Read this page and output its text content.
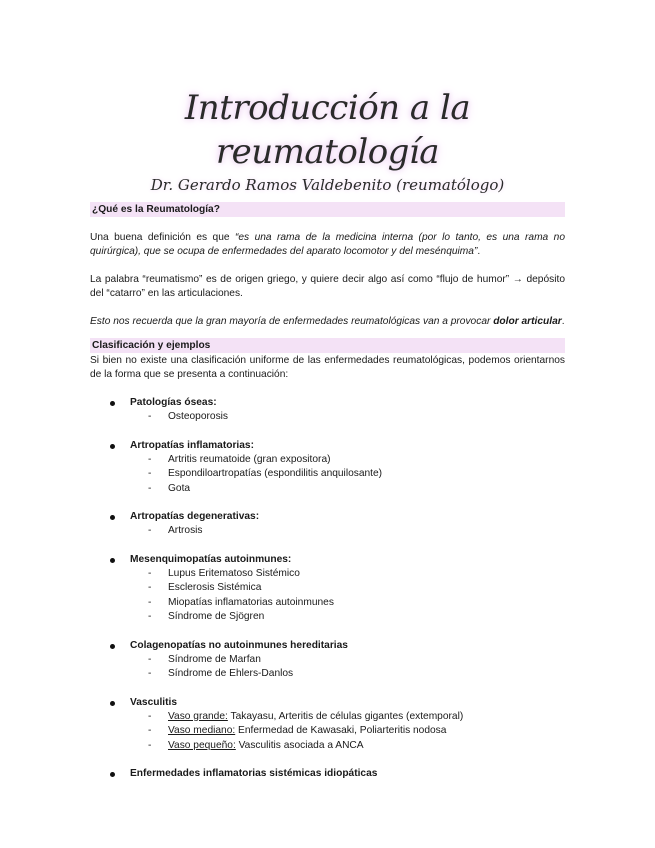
Introducción a la reumatología
Dr. Gerardo Ramos Valdebenito (reumatólogo)
¿Qué es la Reumatología?

Una buena definición es que “es una rama de la medicina interna (por lo tanto, es una rama no quirúrgica), que se ocupa de enfermedades del aparato locomotor y del mesénquima”.

La palabra “reumatismo” es de origen griego, y quiere decir algo así como “flujo de humor” → depósito del “catarro” en las articulaciones.

Esto nos recuerda que la gran mayoría de enfermedades reumatológicas van a provocar dolor articular.

Clasificación y ejemplos

Si bien no existe una clasificación uniforme de las enfermedades reumatológicas, podemos orientarnos de la forma que se presenta a continuación:

Patologías óseas:
- Osteoporosis
Artropatías inflamatorias:
- Artritis reumatoide (gran expositora)
- Espondiloartropatías (espondilitis anquilosante)
- Gota
Artropatías degenerativas:
- Artrosis
Mesenquimopatías autoinmunes:
- Lupus Eritematoso Sistémico
- Esclerosis Sistémica
- Miopatías inflamatorias autoinmunes
- Síndrome de Sjögren
Colagenopatías no autoinmunes hereditarias
- Síndrome de Marfan
- Síndrome de Ehlers-Danlos
Vasculitis
- Vaso grande: Takayasu, Arteritis de células gigantes (extemporal)
- Vaso mediano: Enfermedad de Kawasaki, Poliarteritis nodosa
- Vaso pequeño: Vasculitis asociada a ANCA
Enfermedades inflamatorias sistémicas idiopáticas
